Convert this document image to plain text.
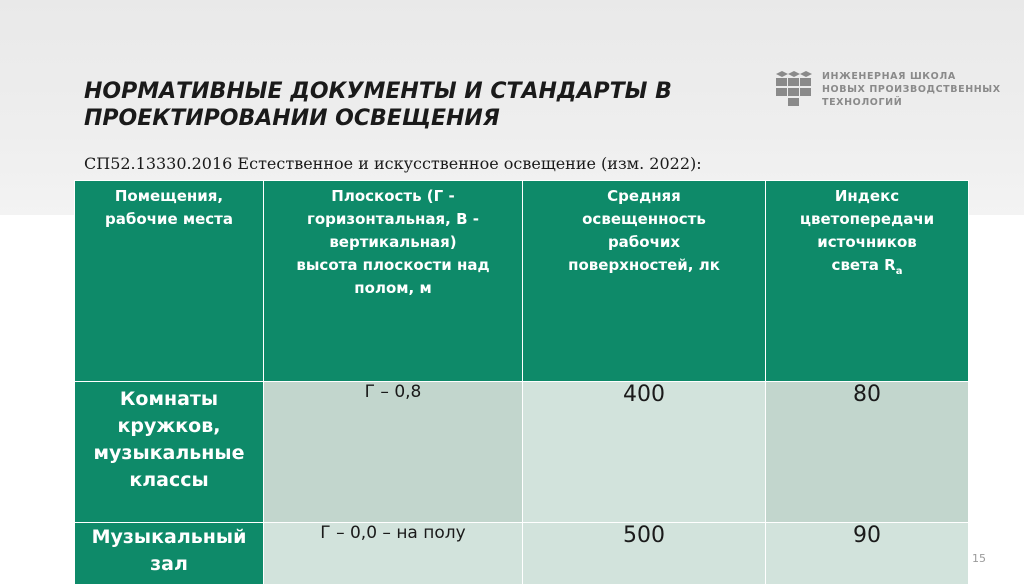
НОРМАТИВНЫЕ ДОКУМЕНТЫ И СТАНДАРТЫ В
ПРОЕКТИРОВАНИИ ОСВЕЩЕНИЯ
ИНЖЕНЕРНАЯ ШКОЛА
НОВЫХ ПРОИЗВОДСТВЕННЫХ
ТЕХНОЛОГИЙ
СП52.13330.2016 Естественное и искусственное освещение (изм. 2022):
Помещения,
рабочие места	Плоскость (Г -
горизонтальная, В -
вертикальная)
высота плоскости над
полом, м	Средняя
освещенность
рабочих
поверхностей, лк	Индекс
цветопередачи
источников
света $R_a$
Комнаты
кружков,
музыкальные
классы	Г – 0,8	400	80
Музыкальный
зал	Г – 0,0 – на полу	500	90
15
